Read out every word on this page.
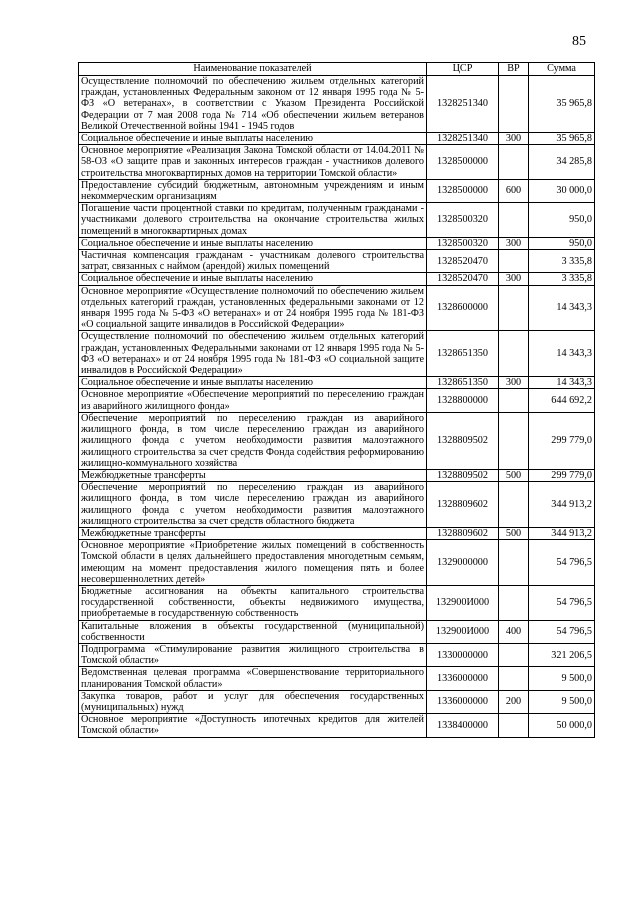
85
Наименование показателей	ЦСР	ВР	Сумма
Осуществление полномочий по обеспечению жильем отдельных категорий граждан, установленных Федеральным законом от 12 января 1995 года № 5-ФЗ «О ветеранах», в соответствии с Указом Президента Российской Федерации от 7 мая 2008 года № 714 «Об обеспечении жильем ветеранов Великой Отечественной войны 1941 - 1945 годов	1328251340		35 965,8
Социальное обеспечение и иные выплаты населению	1328251340	300	35 965,8
Основное мероприятие «Реализация Закона Томской области от 14.04.2011 № 58-ОЗ «О защите прав и законных интересов граждан - участников долевого строительства многоквартирных домов на территории Томской области»	1328500000		34 285,8
Предоставление субсидий бюджетным, автономным учреждениям и иным некоммерческим организациям	1328500000	600	30 000,0
Погашение части процентной ставки по кредитам, полученным гражданами - участниками долевого строительства на окончание строительства жилых помещений в многоквартирных домах	1328500320		950,0
Социальное обеспечение и иные выплаты населению	1328500320	300	950,0
Частичная компенсация гражданам - участникам долевого строительства затрат, связанных с наймом (арендой) жилых помещений	1328520470		3 335,8
Социальное обеспечение и иные выплаты населению	1328520470	300	3 335,8
Основное мероприятие «Осуществление полномочий по обеспечению жильем отдельных категорий граждан, установленных федеральными законами от 12 января 1995 года № 5-ФЗ «О ветеранах» и от 24 ноября 1995 года № 181-ФЗ «О социальной защите инвалидов в Российской Федерации»	1328600000		14 343,3
Осуществление полномочий по обеспечению жильем отдельных категорий граждан, установленных Федеральными законами от 12 января 1995 года № 5-ФЗ «О ветеранах» и от 24 ноября 1995 года № 181-ФЗ «О социальной защите инвалидов в Российской Федерации»	1328651350		14 343,3
Социальное обеспечение и иные выплаты населению	1328651350	300	14 343,3
Основное мероприятие «Обеспечение мероприятий по переселению граждан из аварийного жилищного фонда»	1328800000		644 692,2
Обеспечение мероприятий по переселению граждан из аварийного жилищного фонда, в том числе переселению граждан из аварийного жилищного фонда с учетом необходимости развития малоэтажного жилищного строительства за счет средств Фонда содействия реформированию жилищно-коммунального хозяйства	1328809502		299 779,0
Межбюджетные трансферты	1328809502	500	299 779,0
Обеспечение мероприятий по переселению граждан из аварийного жилищного фонда, в том числе переселению граждан из аварийного жилищного фонда с учетом необходимости развития малоэтажного жилищного строительства за счет средств областного бюджета	1328809602		344 913,2
Межбюджетные трансферты	1328809602	500	344 913,2
Основное мероприятие «Приобретение жилых помещений в собственность Томской области в целях дальнейшего предоставления многодетным семьям, имеющим на момент предоставления жилого помещения пять и более несовершеннолетних детей»	1329000000		54 796,5
Бюджетные ассигнования на объекты капитального строительства государственной собственности, объекты недвижимого имущества, приобретаемые в государственную собственность	132900И000		54 796,5
Капитальные вложения в объекты государственной (муниципальной) собственности	132900И000	400	54 796,5
Подпрограмма «Стимулирование развития жилищного строительства в Томской области»	1330000000		321 206,5
Ведомственная целевая программа «Совершенствование территориального планирования Томской области»	1336000000		9 500,0
Закупка товаров, работ и услуг для обеспечения государственных (муниципальных) нужд	1336000000	200	9 500,0
Основное мероприятие «Доступность ипотечных кредитов для жителей Томской области»	1338400000		50 000,0
